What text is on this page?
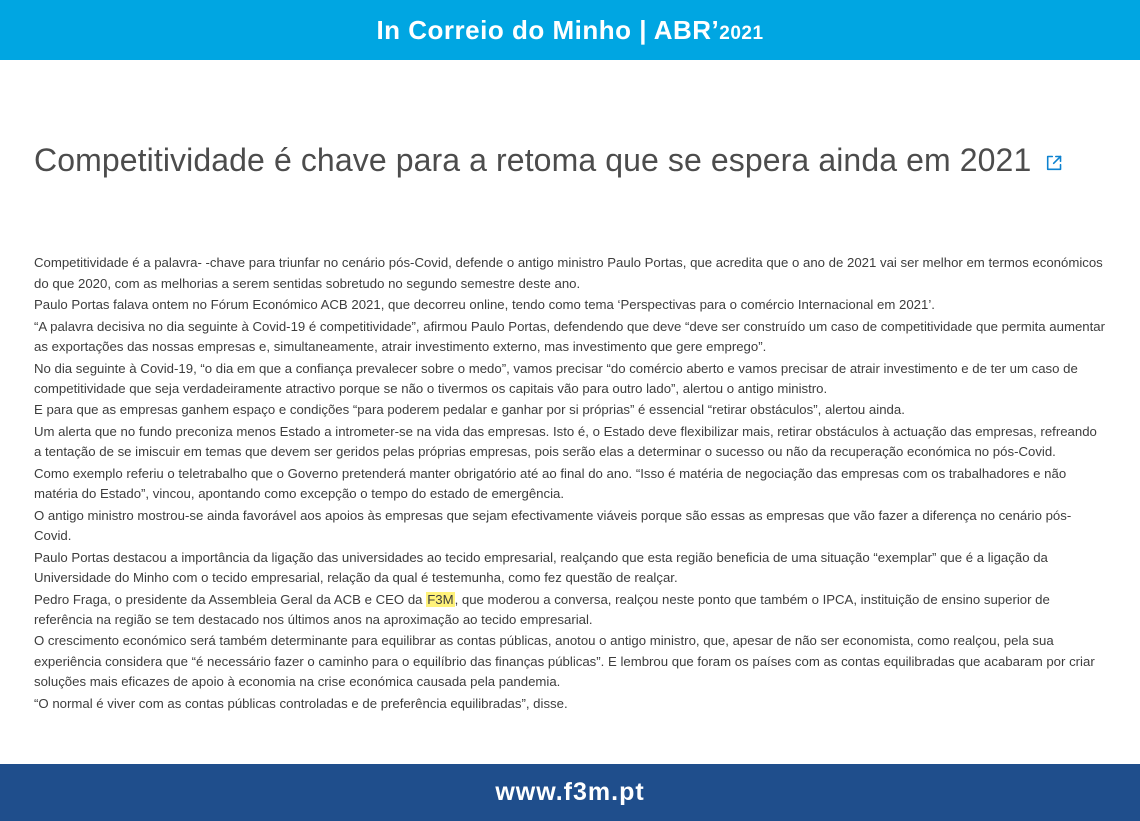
In Correio do Minho | ABR’2021
Competitividade é chave para a retoma que se espera ainda em 2021

Competitividade é a palavra- -chave para triunfar no cenário pós-Covid, defende o antigo ministro Paulo Portas, que acredita que o ano de 2021 vai ser melhor em termos económicos do que 2020, com as melhorias a serem sentidas sobretudo no segundo semestre deste ano.

Paulo Portas falava ontem no Fórum Económico ACB 2021, que decorreu online, tendo como tema ‘Perspectivas para o comércio Internacional em 2021’.

“A palavra decisiva no dia seguinte à Covid-19 é competitividade”, afirmou Paulo Portas, defendendo que deve “deve ser construído um caso de competitividade que permita aumentar as exportações das nossas empresas e, simultaneamente, atrair investimento externo, mas investimento que gere emprego”.

No dia seguinte à Covid-19, “o dia em que a confiança prevalecer sobre o medo”, vamos precisar “do comércio aberto e vamos precisar de atrair investimento e de ter um caso de competitividade que seja verdadeiramente atractivo porque se não o tivermos os capitais vão para outro lado”, alertou o antigo ministro.

E para que as empresas ganhem espaço e condições “para poderem pedalar e ganhar por si próprias” é essencial “retirar obstáculos”, alertou ainda.

Um alerta que no fundo preconiza menos Estado a intrometer-se na vida das empresas. Isto é, o Estado deve flexibilizar mais, retirar obstáculos à actuação das empresas, refreando a tentação de se imiscuir em temas que devem ser geridos pelas próprias empresas, pois serão elas a determinar o sucesso ou não da recuperação económica no pós-Covid.

Como exemplo referiu o teletrabalho que o Governo pretenderá manter obrigatório até ao final do ano. “Isso é matéria de negociação das empresas com os trabalhadores e não matéria do Estado”, vincou, apontando como excepção o tempo do estado de emergência.

O antigo ministro mostrou-se ainda favorável aos apoios às empresas que sejam efectivamente viáveis porque são essas as empresas que vão fazer a diferença no cenário pós-Covid.

Paulo Portas destacou a importância da ligação das universidades ao tecido empresarial, realçando que esta região beneficia de uma situação “exemplar” que é a ligação da Universidade do Minho com o tecido empresarial, relação da qual é testemunha, como fez questão de realçar.

Pedro Fraga, o presidente da Assembleia Geral da ACB e CEO da F3M, que moderou a conversa, realçou neste ponto que também o IPCA, instituição de ensino superior de referência na região se tem destacado nos últimos anos na aproximação ao tecido empresarial.

O crescimento económico será também determinante para equilibrar as contas públicas, anotou o antigo ministro, que, apesar de não ser economista, como realçou, pela sua experiência considera que “é necessário fazer o caminho para o equilíbrio das finanças públicas”. E lembrou que foram os países com as contas equilibradas que acabaram por criar soluções mais eficazes de apoio à economia na crise económica causada pela pandemia.

“O normal é viver com as contas públicas controladas e de preferência equilibradas”, disse.

www.f3m.pt
